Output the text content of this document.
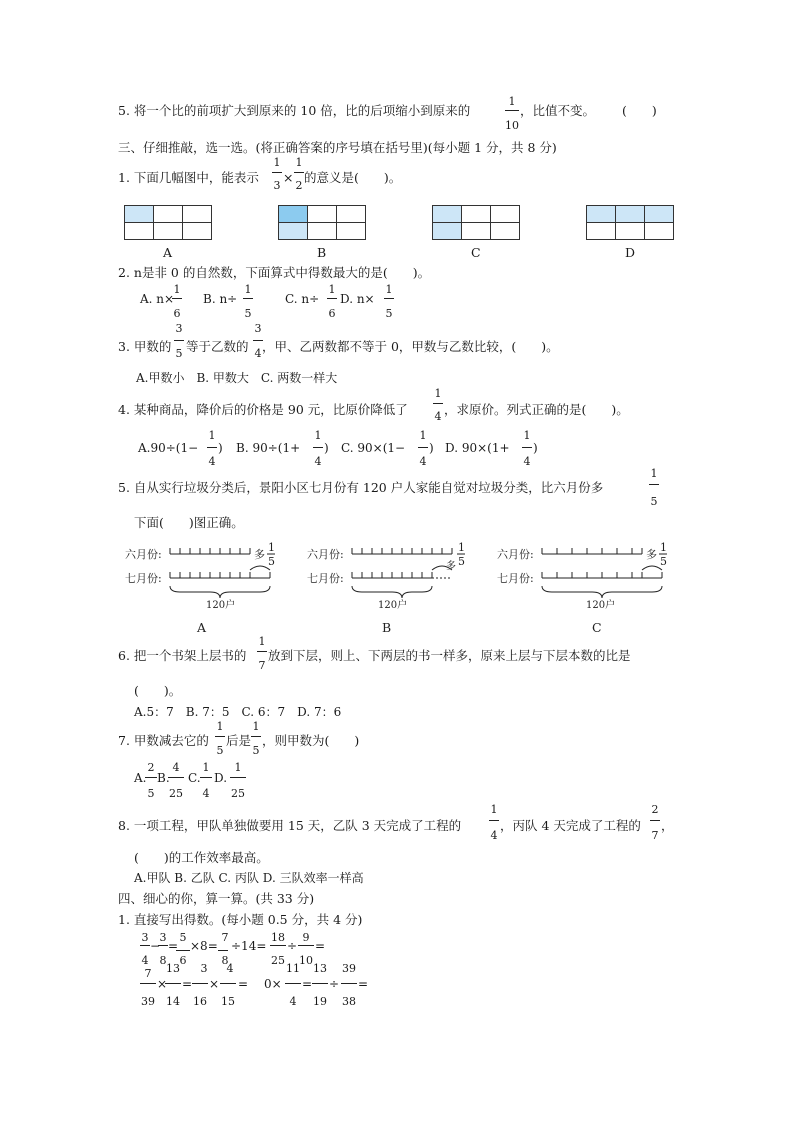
5. 将一个比的前项扩大到原来的 10 倍，比的后项缩小到原来的
1
10
，比值不变。 (　　)
三、仔细推敲，选一选。(将正确答案的序号填在括号里)(每小题 1 分，共 8 分)
1. 下面几幅图中，能表示
1
3
×
1
2
的意义是(　　)。

A	B	C	D
2. n是非 0 的自然数，下面算式中得数最大的是(　　)。
A. n×
1
6
B. n÷
1
5
C. n÷
1
6
D. n×
1
5
3. 甲数的
3
5 等于乙数的
3
4 ，甲、乙两数都不等于 0，甲数与乙数比较，(　　)。
A.甲数小　B. 甲数大　C. 两数一样大
4. 某种商品，降价后的价格是 90 元，比原价降低了
1
4 ，求原价。列式正确的是(　　)。
A.90÷(1−
1
4
) B. 90÷(1+
1
4
) C. 90×(1−
1
4
) D. 90×(1+
1
4
)
5. 自从实行垃圾分类后，景阳小区七月份有 120 户人家能自觉对垃圾分类，比六月份多
1
5
下面(　　)图正确。
六月份:
七月份:
多
1
5
120户
A
六月份:
七月份:
多
1
5
120户
B
六月份:
七月份:
多
1
5
120户
C
6. 把一个书架上层书的
1
7
放到下层，则上、下两层的书一样多，原来上层与下层本数的比是
(　　)。
A.5：7　B. 7：5　C. 6：7　D. 7：6
7. 甲数减去它的
1
5
后是
1
5
，则甲数为(　　)
A.
2
5
B.
4
25
C.
1
4
D.
1
25
8. 一项工程，甲队单独做要用 15 天，乙队 3 天完成了工程的
1
4
，丙队 4 天完成了工程的
2
7
，
(　　)的工作效率最高。
A.甲队 B. 乙队 C. 丙队 D. 三队效率一样高
四、细心的你，算一算。(共 33 分)
1. 直接写出得数。(每小题 0.5 分，共 4 分)
3
4
−
3
8
=
5
6
×8=
7
8
÷14=
18
25
÷
9
10
=
7
39
×
13
14
=
3
16
×
4
15
= 0×
11
4
=
13
19
÷
39
38
=
